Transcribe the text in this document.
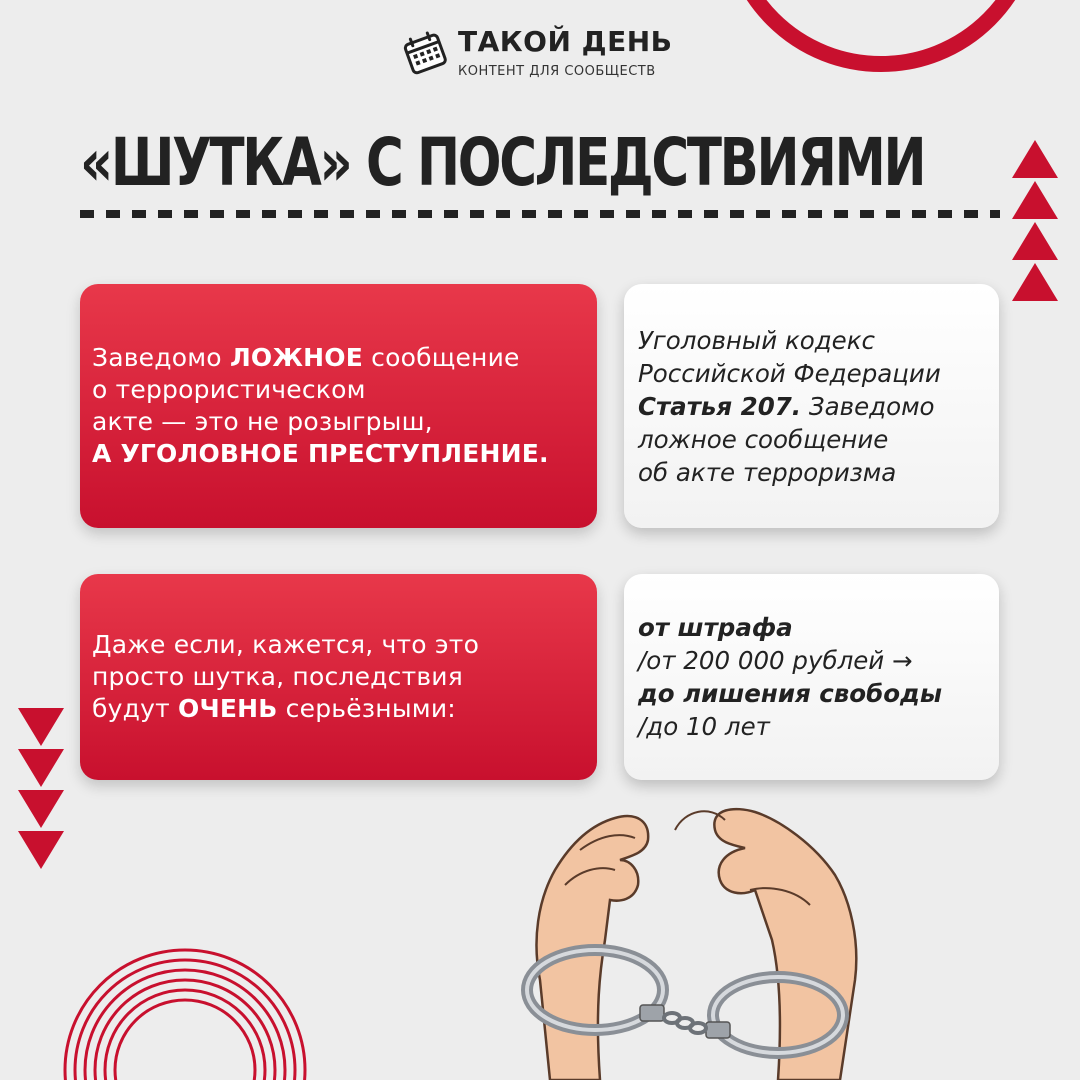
ТАКОЙ ДЕНЬ
КОНТЕНТ ДЛЯ СООБЩЕСТВ
«ШУТКА» С ПОСЛЕДСТВИЯМИ
Заведомо ЛОЖНОЕ сообщение
о террористическом
акте — это не розыгрыш,
А УГОЛОВНОЕ ПРЕСТУПЛЕНИЕ.
Уголовный кодекс
Российской Федерации
Статья 207. Заведомо
ложное сообщение
об акте терроризма
Даже если, кажется, что это
просто шутка, последствия
будут ОЧЕНЬ серьёзными:
от штрафа
/от 200 000 рублей →
до лишения свободы
/до 10 лет
